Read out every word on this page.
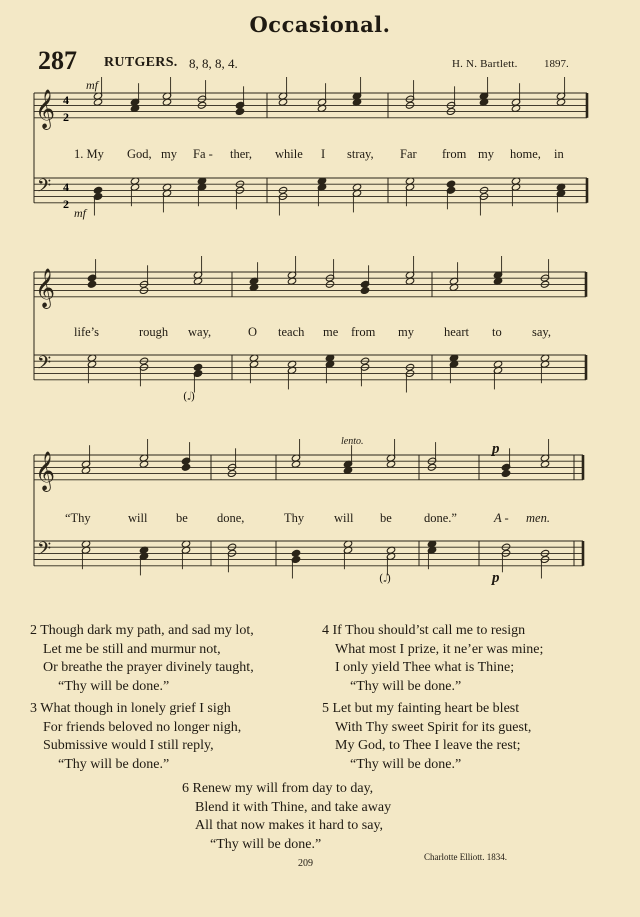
Occasional.
287 RUTGERS. 8, 8, 8, 4.	H. N. Bartlett. 1897.
𝄞
𝄢
𝄞
𝄢
𝄞
𝄢
4
2
4
2
mf
mf
lento.	p
p
(𝅗𝅥)
(𝅗𝅥)
1. My God, my Fa - ther, while I stray, Far from my home, in
life’s	rough way,	O teach me from my heart to say,
“Thy	will be done,	Thy will be	done.”	A - men.
2 Though dark my path, and sad my lot,
Let me be still and murmur not,
Or breathe the prayer divinely taught,
“Thy will be done.”
3 What though in lonely grief I sigh
For friends beloved no longer nigh,
Submissive would I still reply,
“Thy will be done.”
4 If Thou should’st call me to resign
What most I prize, it ne’er was mine;
I only yield Thee what is Thine;
“Thy will be done.”
5 Let but my fainting heart be blest
With Thy sweet Spirit for its guest,
My God, to Thee I leave the rest;
“Thy will be done.”
6 Renew my will from day to day,
Blend it with Thine, and take away
All that now makes it hard to say,
“Thy will be done.”
Charlotte Elliott. 1834.
209
